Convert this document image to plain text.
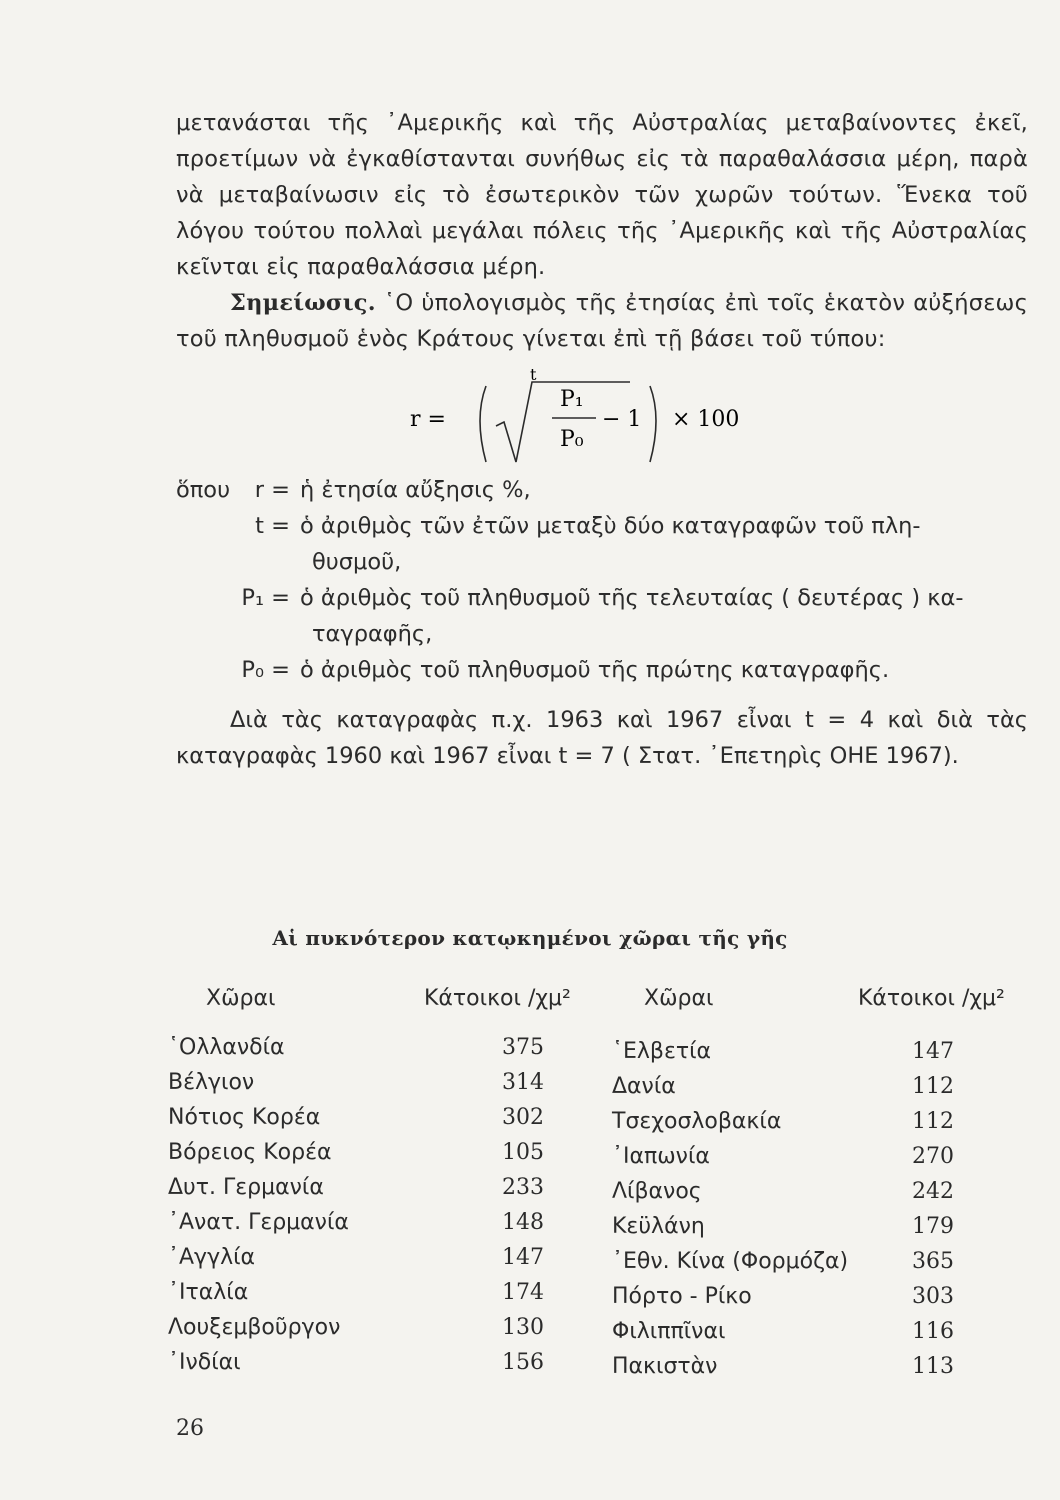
μετανάσται τῆς ᾿Αμερικῆς καὶ τῆς Αὐστραλίας μεταβαίνοντες ἐκεῖ, προετίμων νὰ ἐγκαθίστανται συνήθως εἰς τὰ παραθαλάσσια μέρη, παρὰ νὰ μεταβαίνωσιν εἰς τὸ ἐσωτερικὸν τῶν χωρῶν τούτων. Ἕνεκα τοῦ λόγου τούτου πολλαὶ μεγάλαι πόλεις τῆς ᾿Αμερικῆς καὶ τῆς Αὐστραλίας κεῖνται εἰς παραθαλάσσια μέρη.

Σημείωσις. ῾Ο ὑπολογισμὸς τῆς ἐτησίας ἐπὶ τοῖς ἑκατὸν αὐξήσεως τοῦ πληθυσμοῦ ἑνὸς Κράτους γίνεται ἐπὶ τῇ βάσει τοῦ τύπου:

r =
t
P₁
P₀
− 1 × 100
ὅπου	r = ἡ ἐτησία αὔξησις %,
t = ὁ ἀριθμὸς τῶν ἐτῶν μεταξὺ δύο καταγραφῶν τοῦ πλη-
θυσμοῦ,
P₁ = ὁ ἀριθμὸς τοῦ πληθυσμοῦ τῆς τελευταίας ( δευτέρας ) κα-
ταγραφῆς,
P₀ = ὁ ἀριθμὸς τοῦ πληθυσμοῦ τῆς πρώτης καταγραφῆς.

Διὰ τὰς καταγραφὰς π.χ. 1963 καὶ 1967 εἶναι t = 4 καὶ διὰ τὰς καταγραφὰς 1960 καὶ 1967 εἶναι t = 7 ( Στατ. ᾿Επετηρὶς ΟΗΕ 1967).

Αἱ πυκνότερον κατῳκημένοι χῶραι τῆς γῆς
Χῶραι	Κάτοικοι /χμ²	Χῶραι	Κάτοικοι /χμ²
῾Ολλανδία	375
Βέλγιον	314
Νότιος Κορέα	302
Βόρειος Κορέα	105
Δυτ. Γερμανία	233
᾿Ανατ. Γερμανία	148
᾿Αγγλία	147
᾿Ιταλία	174
Λουξεμβοῦργον	130
᾿Ινδίαι	156
῾Ελβετία	147
Δανία	112
Τσεχοσλοβακία	112
᾿Ιαπωνία	270
Λίβανος	242
Κεϋλάνη	179
᾿Εθν. Κίνα (Φορμόζα)	365
Πόρτο - Ρίκο	303
Φιλιππῖναι	116
Πακιστὰν	113
26
